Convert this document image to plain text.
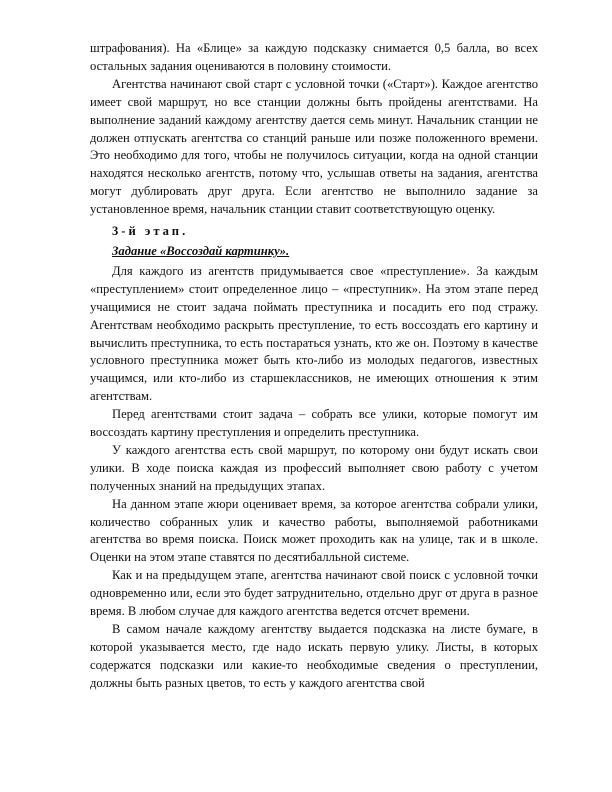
штрафования). На «Блице» за каждую подсказку снимается 0,5 балла, во всех остальных задания оцениваются в половину стоимости.

Агентства начинают свой старт с условной точки («Старт»). Каждое агентство имеет свой маршрут, но все станции должны быть пройдены агентствами. На выполнение заданий каждому агентству дается семь минут. Начальник станции не должен отпускать агентства со станций раньше или позже положенного времени. Это необходимо для того, чтобы не получилось ситуации, когда на одной станции находятся несколько агентств, потому что, услышав ответы на задания, агентства могут дублировать друг друга. Если агентство не выполнило задание за установленное время, начальник станции ставит соответствующую оценку.

3-й этап.
Задание «Воссоздай картинку».

Для каждого из агентств придумывается свое «преступление». За каждым «преступлением» стоит определенное лицо – «преступник». На этом этапе перед учащимися не стоит задача поймать преступника и посадить его под стражу. Агентствам необходимо раскрыть преступление, то есть воссоздать его картину и вычислить преступника, то есть постараться узнать, кто же он. Поэтому в качестве условного преступника может быть кто-либо из молодых педагогов, известных учащимся, или кто-либо из старшеклассников, не имеющих отношения к этим агентствам.

Перед агентствами стоит задача – собрать все улики, которые помогут им воссоздать картину преступления и определить преступника.

У каждого агентства есть свой маршрут, по которому они будут искать свои улики. В ходе поиска каждая из профессий выполняет свою работу с учетом полученных знаний на предыдущих этапах.

На данном этапе жюри оценивает время, за которое агентства собрали улики, количество собранных улик и качество работы, выполняемой работниками агентства во время поиска. Поиск может проходить как на улице, так и в школе. Оценки на этом этапе ставятся по десятибалльной системе.

Как и на предыдущем этапе, агентства начинают свой поиск с условной точки одновременно или, если это будет затруднительно, отдельно друг от друга в разное время. В любом случае для каждого агентства ведется отсчет времени.

В самом начале каждому агентству выдается подсказка на листе бумаге, в которой указывается место, где надо искать первую улику. Листы, в которых содержатся подсказки или какие-то необходимые сведения о преступлении, должны быть разных цветов, то есть у каждого агентства свой
